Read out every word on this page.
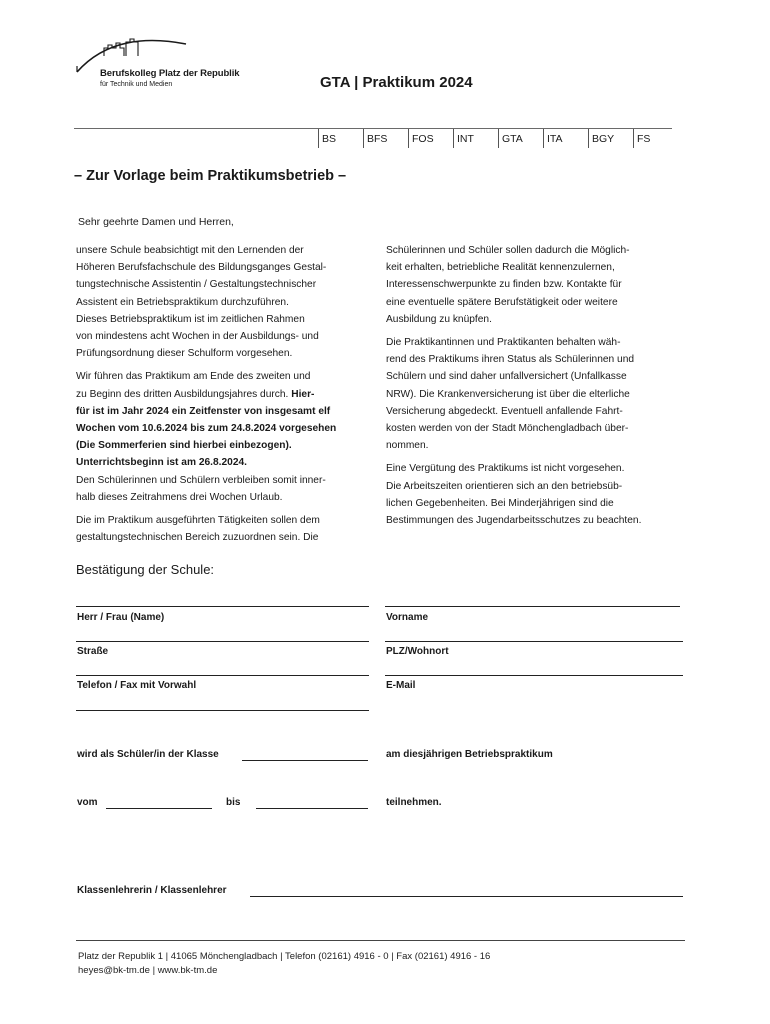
Berufskolleg Platz der Republik
für Technik und Medien	GTA | Praktikum 2024
BS	BFS	FOS	INT	GTA	ITA	BGY	FS
– Zur Vorlage beim Praktikumsbetrieb –
Sehr geehrte Damen und Herren,

unsere Schule beabsichtigt mit den Lernenden der

Höheren Berufsfachschule des Bildungsganges Gestal-

tungstechnische Assistentin / Gestaltungstechnischer

Assistent ein Betriebspraktikum durchzuführen.

Dieses Betriebspraktikum ist im zeitlichen Rahmen

von mindestens acht Wochen in der Ausbildungs- und

Prüfungsordnung dieser Schulform vorgesehen.

Wir führen das Praktikum am Ende des zweiten und

zu Beginn des dritten Ausbildungsjahres durch. Hier-

für ist im Jahr 2024 ein Zeitfenster von insgesamt elf

Wochen vom 10.6.2024 bis zum 24.8.2024 vorgesehen

(Die Sommerferien sind hierbei einbezogen).

Unterrichtsbeginn ist am 26.8.2024.

Den Schülerinnen und Schülern verbleiben somit inner-

halb dieses Zeitrahmens drei Wochen Urlaub.

Die im Praktikum ausgeführten Tätigkeiten sollen dem

gestaltungstechnischen Bereich zuzuordnen sein. Die

Schülerinnen und Schüler sollen dadurch die Möglich-

keit erhalten, betriebliche Realität kennenzulernen,

Interessenschwerpunkte zu finden bzw. Kontakte für

eine eventuelle spätere Berufstätigkeit oder weitere

Ausbildung zu knüpfen.

Die Praktikantinnen und Praktikanten behalten wäh-

rend des Praktikums ihren Status als Schülerinnen und

Schülern und sind daher unfallversichert (Unfallkasse

NRW). Die Krankenversicherung ist über die elterliche

Versicherung abgedeckt. Eventuell anfallende Fahrt-

kosten werden von der Stadt Mönchengladbach über-

nommen.

Eine Vergütung des Praktikums ist nicht vorgesehen.

Die Arbeitszeiten orientieren sich an den betriebsüb-

lichen Gegebenheiten. Bei Minderjährigen sind die

Bestimmungen des Jugendarbeitsschutzes zu beachten.

Bestätigung der Schule:
Herr / Frau (Name)	Vorname
Straße	PLZ/Wohnort
Telefon / Fax mit Vorwahl	E-Mail
wird als Schüler/in der Klasse	am diesjährigen Betriebspraktikum
vom	bis	teilnehmen.
Klassenlehrerin / Klassenlehrer
Platz der Republik 1 | 41065 Mönchengladbach | Telefon (02161) 4916 - 0 | Fax (02161) 4916 - 16
heyes@bk-tm.de | www.bk-tm.de
